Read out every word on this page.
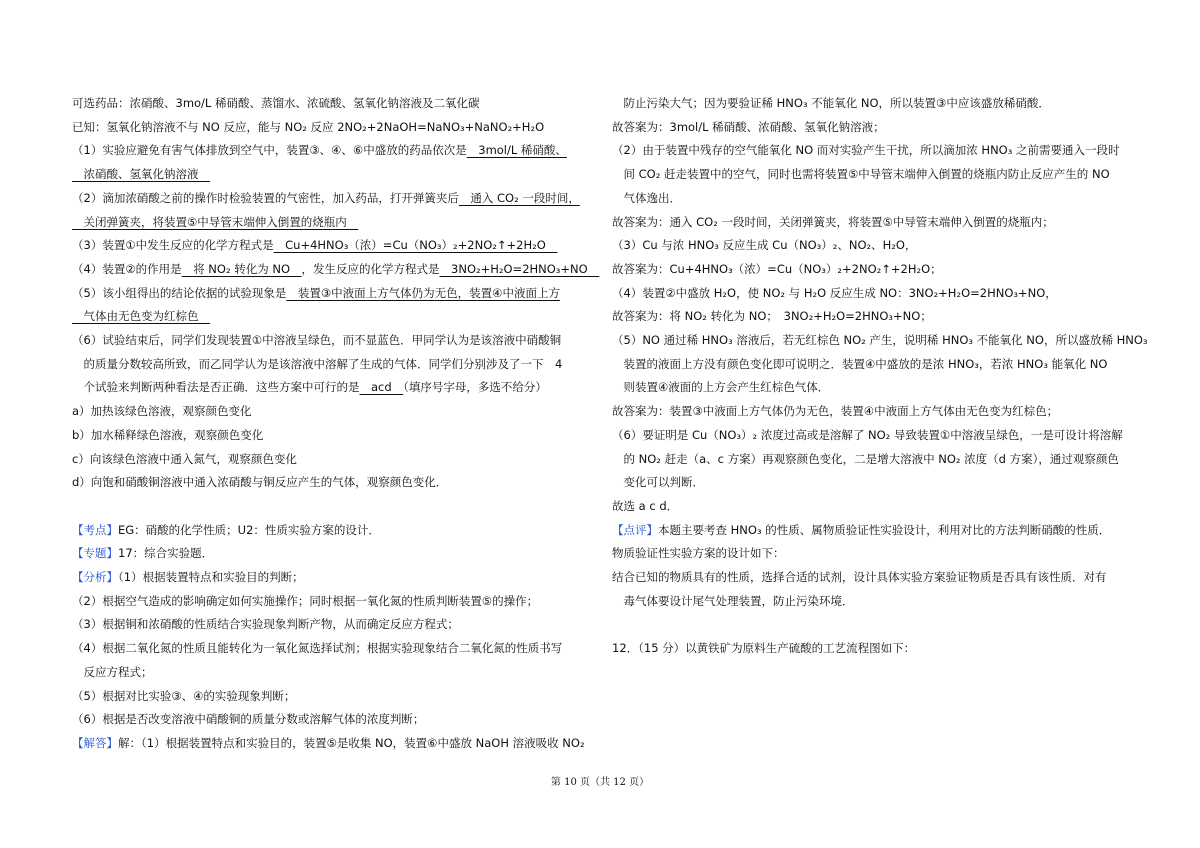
可选药品：浓硝酸、3mo/L 稀硝酸、蒸馏水、浓硫酸、氢氧化钠溶液及二氧化碳
已知：氢氧化钠溶液不与 NO 反应，能与 NO₂ 反应 2NO₂+2NaOH=NaNO₃+NaNO₂+H₂O
（1）实验应避免有害气体排放到空气中，装置③、④、⑥中盛放的药品依次是　3mol/L 稀硝酸、
　浓硝酸、氢氧化钠溶液　
（2）滴加浓硝酸之前的操作时检验装置的气密性，加入药品，打开弹簧夹后　通入 CO₂ 一段时间，
　关闭弹簧夹，将装置⑤中导管末端伸入倒置的烧瓶内　
（3）装置①中发生反应的化学方程式是　Cu+4HNO₃（浓）=Cu（NO₃）₂+2NO₂↑+2H₂O　
（4）装置②的作用是　将 NO₂ 转化为 NO　，发生反应的化学方程式是　3NO₂+H₂O=2HNO₃+NO　
（5）该小组得出的结论依据的试验现象是　装置③中液面上方气体仍为无色，装置④中液面上方
　气体由无色变为红棕色　
（6）试验结束后，同学们发现装置①中溶液呈绿色，而不显蓝色．甲同学认为是该溶液中硝酸铜
　的质量分数较高所致，而乙同学认为是该溶液中溶解了生成的气体．同学们分别涉及了一下　4
　个试验来判断两种看法是否正确．这些方案中可行的是　acd　（填序号字母，多选不给分）
a）加热该绿色溶液，观察颜色变化
b）加水稀释绿色溶液，观察颜色变化
c）向该绿色溶液中通入氮气，观察颜色变化
d）向饱和硝酸铜溶液中通入浓硝酸与铜反应产生的气体，观察颜色变化．
【考点】EG：硝酸的化学性质；U2：性质实验方案的设计．
【专题】17：综合实验题．
【分析】（1）根据装置特点和实验目的判断；
（2）根据空气造成的影响确定如何实施操作；同时根据一氧化氮的性质判断装置⑤的操作；
（3）根据铜和浓硝酸的性质结合实验现象判断产物，从而确定反应方程式；
（4）根据二氧化氮的性质且能转化为一氧化氮选择试剂；根据实验现象结合二氧化氮的性质书写
　反应方程式；
（5）根据对比实验③、④的实验现象判断；
（6）根据是否改变溶液中硝酸铜的质量分数或溶解气体的浓度判断；
【解答】解：（1）根据装置特点和实验目的，装置⑤是收集 NO，装置⑥中盛放 NaOH 溶液吸收 NO₂
　防止污染大气；因为要验证稀 HNO₃ 不能氧化 NO，所以装置③中应该盛放稀硝酸．
故答案为：3mol/L 稀硝酸、浓硝酸、氢氧化钠溶液；
（2）由于装置中残存的空气能氧化 NO 而对实验产生干扰，所以滴加浓 HNO₃ 之前需要通入一段时
　间 CO₂ 赶走装置中的空气，同时也需将装置⑤中导管末端伸入倒置的烧瓶内防止反应产生的 NO
　气体逸出．
故答案为：通入 CO₂ 一段时间，关闭弹簧夹，将装置⑤中导管末端伸入倒置的烧瓶内；
（3）Cu 与浓 HNO₃ 反应生成 Cu（NO₃）₂、NO₂、H₂O，
故答案为：Cu+4HNO₃（浓）=Cu（NO₃）₂+2NO₂↑+2H₂O；
（4）装置②中盛放 H₂O，使 NO₂ 与 H₂O 反应生成 NO：3NO₂+H₂O=2HNO₃+NO，
故答案为：将 NO₂ 转化为 NO；　3NO₂+H₂O=2HNO₃+NO；
（5）NO 通过稀 HNO₃ 溶液后，若无红棕色 NO₂ 产生，说明稀 HNO₃ 不能氧化 NO，所以盛放稀 HNO₃
　装置的液面上方没有颜色变化即可说明之．装置④中盛放的是浓 HNO₃，若浓 HNO₃ 能氧化 NO
　则装置④液面的上方会产生红棕色气体．
故答案为：装置③中液面上方气体仍为无色，装置④中液面上方气体由无色变为红棕色；
（6）要证明是 Cu（NO₃）₂ 浓度过高或是溶解了 NO₂ 导致装置①中溶液呈绿色，一是可设计将溶解
　的 NO₂ 赶走（a、c 方案）再观察颜色变化，二是增大溶液中 NO₂ 浓度（d 方案），通过观察颜色
　变化可以判断．
故选 a c d．
【点评】本题主要考查 HNO₃ 的性质、属物质验证性实验设计，利用对比的方法判断硝酸的性质．
物质验证性实验方案的设计如下：
结合已知的物质具有的性质，选择合适的试剂，设计具体实验方案验证物质是否具有该性质．对有
　毒气体要设计尾气处理装置，防止污染环境．
12．（15 分）以黄铁矿为原料生产硫酸的工艺流程图如下：
第 10 页（共 12 页）
